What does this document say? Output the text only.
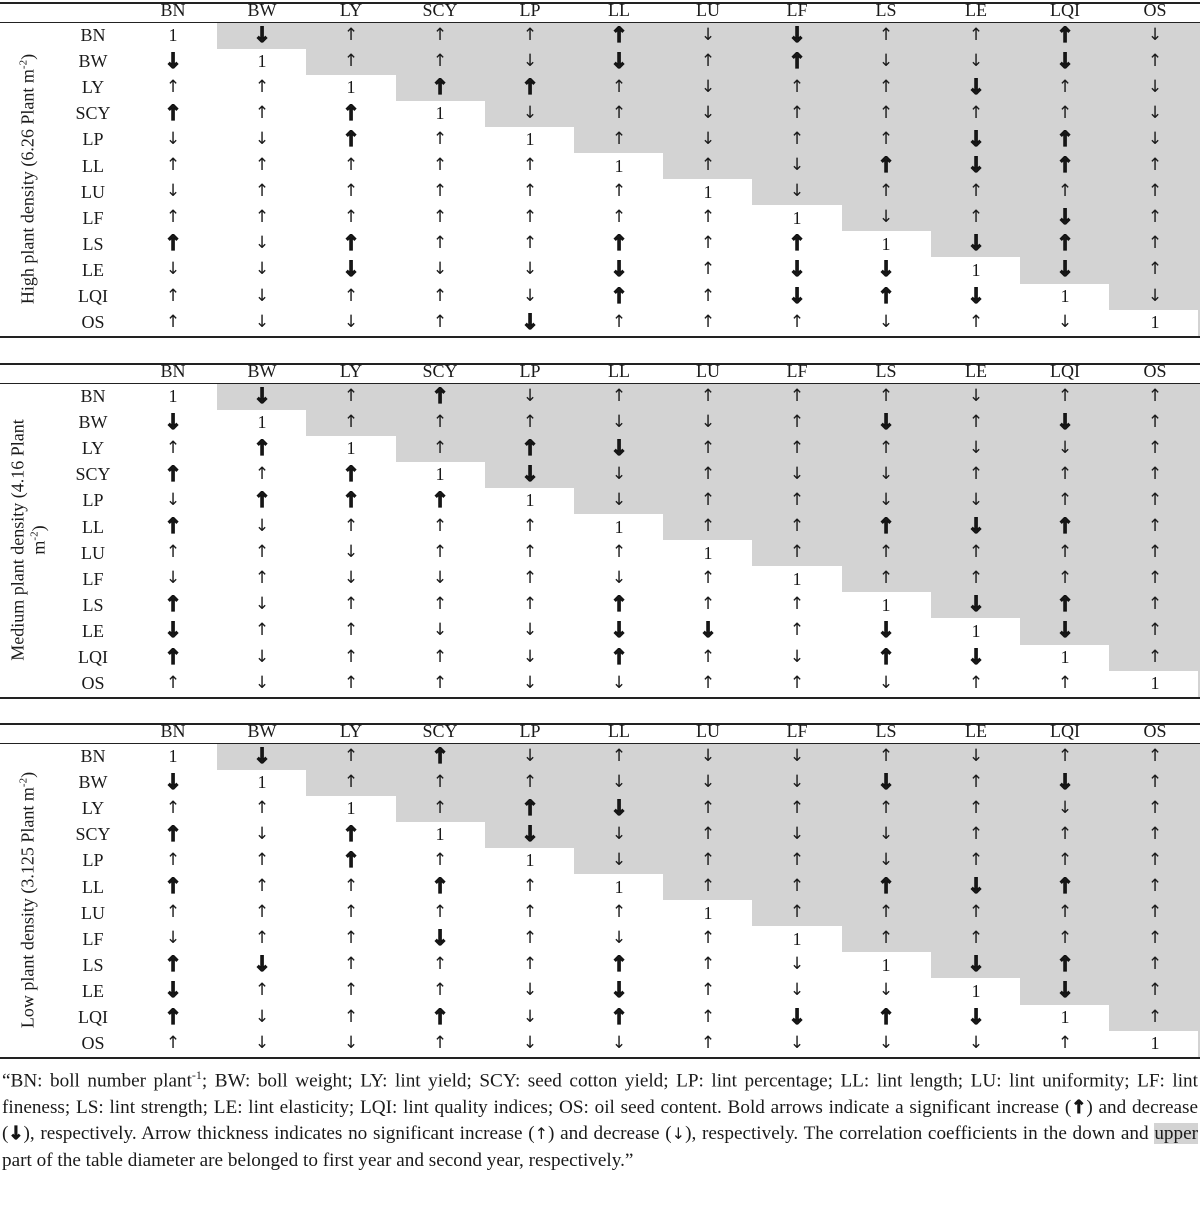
BN	BW	LY	SCY	LP	LL	LU	LF	LS	LE	LQI	OS
BN	1	↓	↑	↑	↑	↑	↓	↓	↑	↑	↑	↓
BW	↓	1	↑	↑	↓	↓	↑	↑	↓	↓	↓	↑
LY	↑	↑	1	↑	↑	↑	↓	↑	↑	↓	↑	↓
SCY	↑	↑	↑	1	↓	↑	↓	↑	↑	↑	↑	↓
LP	↓	↓	↑	↑	1	↑	↓	↑	↑	↓	↑	↓
LL	↑	↑	↑	↑	↑	1	↑	↓	↑	↓	↑	↑
LU	↓	↑	↑	↑	↑	↑	1	↓	↑	↑	↑	↑
LF	↑	↑	↑	↑	↑	↑	↑	1	↓	↑	↓	↑
LS	↑	↓	↑	↑	↑	↑	↑	↑	1	↓	↑	↑
LE	↓	↓	↓	↓	↓	↓	↑	↓	↓	1	↓	↑
LQI	↑	↓	↑	↑	↓	↑	↑	↓	↑	↓	1	↓
OS	↑	↓	↓	↑	↓	↑	↑	↑	↓	↑	↓	1
High plant density (6.26 Plant $m^{-2}$)
BN	BW	LY	SCY	LP	LL	LU	LF	LS	LE	LQI	OS
BN	1	↓	↑	↑	↓	↑	↑	↑	↑	↓	↑	↑
BW	↓	1	↑	↑	↑	↓	↓	↑	↓	↑	↓	↑
LY	↑	↑	1	↑	↑	↓	↑	↑	↑	↓	↓	↑
SCY	↑	↑	↑	1	↓	↓	↑	↓	↓	↑	↑	↑
LP	↓	↑	↑	↑	1	↓	↑	↑	↓	↓	↑	↑
LL	↑	↓	↑	↑	↑	1	↑	↑	↑	↓	↑	↑
LU	↑	↑	↓	↑	↑	↑	1	↑	↑	↑	↑	↑
LF	↓	↑	↓	↓	↑	↓	↑	1	↑	↑	↑	↑
LS	↑	↓	↑	↑	↑	↑	↑	↑	1	↓	↑	↑
LE	↓	↑	↑	↓	↓	↓	↓	↑	↓	1	↓	↑
LQI	↑	↓	↑	↑	↓	↑	↑	↓	↑	↓	1	↑
OS	↑	↓	↑	↑	↓	↓	↑	↑	↓	↑	↑	1
Medium plant density (4.16 Plant
$m^{-2}$)
BN	BW	LY	SCY	LP	LL	LU	LF	LS	LE	LQI	OS
BN	1	↓	↑	↑	↓	↑	↓	↓	↑	↓	↑	↑
BW	↓	1	↑	↑	↑	↓	↓	↓	↓	↑	↓	↑
LY	↑	↑	1	↑	↑	↓	↑	↑	↑	↑	↓	↑
SCY	↑	↓	↑	1	↓	↓	↑	↓	↓	↑	↑	↑
LP	↑	↑	↑	↑	1	↓	↑	↑	↓	↑	↑	↑
LL	↑	↑	↑	↑	↑	1	↑	↑	↑	↓	↑	↑
LU	↑	↑	↑	↑	↑	↑	1	↑	↑	↑	↑	↑
LF	↓	↑	↑	↓	↑	↓	↑	1	↑	↑	↑	↑
LS	↑	↓	↑	↑	↑	↑	↑	↓	1	↓	↑	↑
LE	↓	↑	↑	↑	↓	↓	↑	↓	↓	1	↓	↑
LQI	↑	↓	↑	↑	↓	↑	↑	↓	↑	↓	1	↑
OS	↑	↓	↓	↑	↓	↓	↑	↓	↓	↓	↑	1
Low plant density (3.125 Plant $m^{-2}$)
“BN: boll number plant$^{-1}$; BW: boll weight; LY: lint yield; SCY: seed cotton yield; LP: lint percentage; LL: lint length; LU: lint uniformity; LF: lint fineness; LS: lint strength; LE: lint elasticity; LQI: lint quality indices; OS: oil seed content. Bold arrows indicate a significant increase (↑) and decrease (↓), respectively. Arrow thickness indicates no significant increase (↑) and decrease (↓), respectively. The correlation coefficients in the down and upper part of the table diameter are belonged to first year and second year, respectively.”
